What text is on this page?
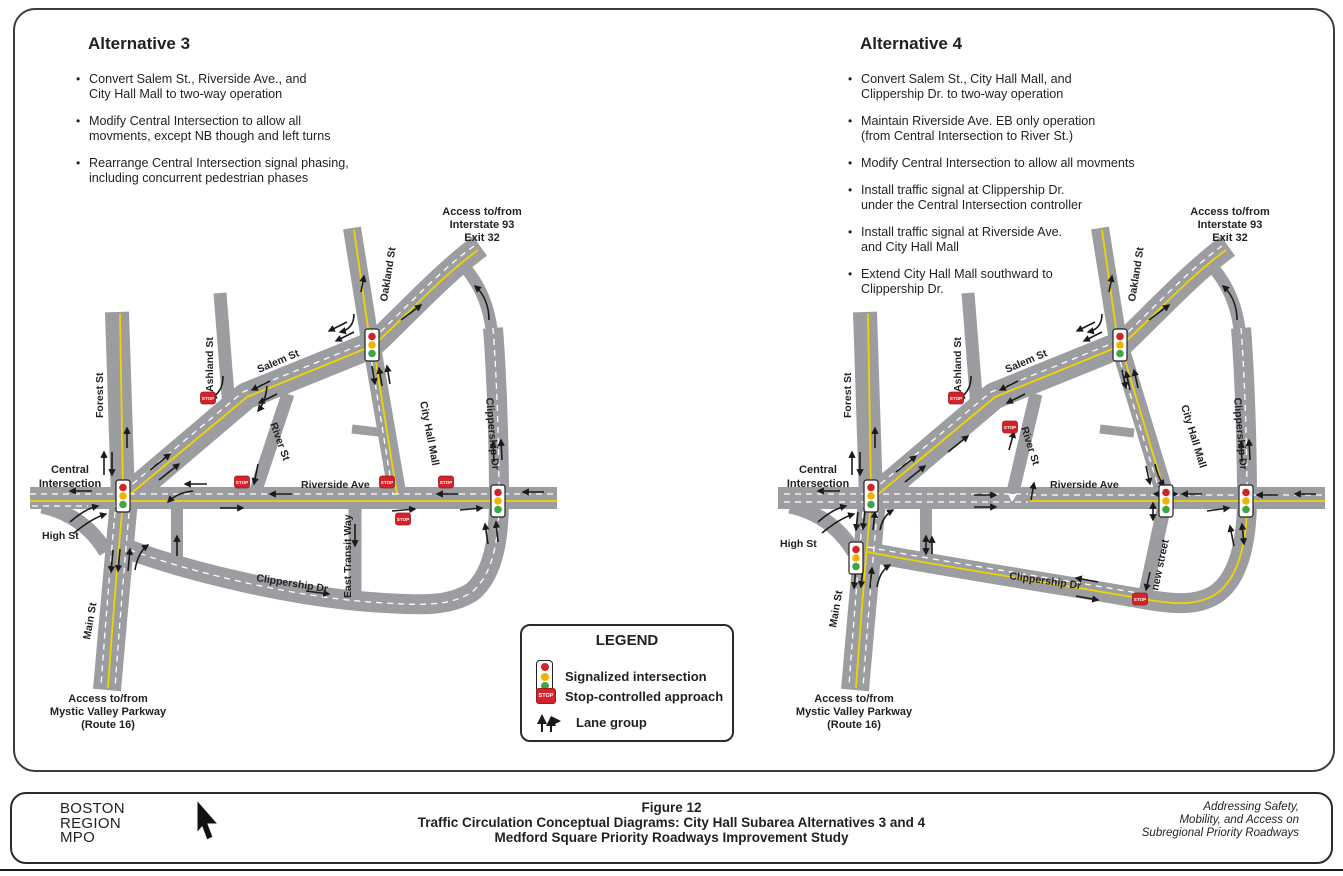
Alternative 3
• Convert Salem St., Riverside Ave., and
City Hall Mall to two-way operation
• Modify Central Intersection to allow all
movments, except NB though and left turns
• Rearrange Central Intersection signal phasing,
including concurrent pedestrian phases
Alternative 4
• Convert Salem St., City Hall Mall, and
Clippership Dr. to two-way operation
• Maintain Riverside Ave. EB only operation
(from Central Intersection to River St.)
• Modify Central Intersection to allow all movments
• Install traffic signal at Clippership Dr.
under the Central Intersection controller
• Install traffic signal at Riverside Ave.
and City Hall Mall
• Extend City Hall Mall southward to
Clippership Dr.
STOP
STOP	STOP	STOP
STOP
Forest St
Ashland St	Salem St
Oakland St
River St	City Hall Mall	Clippership Dr
Riverside Ave
East Transit Way
Clippership Dr
High St
Main St
Central
Intersection
Access to/from
Interstate 93
Exit 32
Access to/from
Mystic Valley Parkway
(Route 16)
STOP
STOP
STOP
Forest St
Ashland St	Salem St
Oakland St
River St	City Hall Mall Clippership Dr
Riverside Ave
new street
Clippership Dr
High St
Main St
Central
Intersection
Access to/from
Interstate 93
Exit 32
Access to/from
Mystic Valley Parkway
(Route 16)
LEGEND
Signalized intersection
STOP Stop-controlled approach
Lane group
BOSTON
REGION
MPO
Figure 12
Traffic Circulation Conceptual Diagrams: City Hall Subarea Alternatives 3 and 4
Medford Square Priority Roadways Improvement Study
Addressing Safety,
Mobility, and Access on
Subregional Priority Roadways
